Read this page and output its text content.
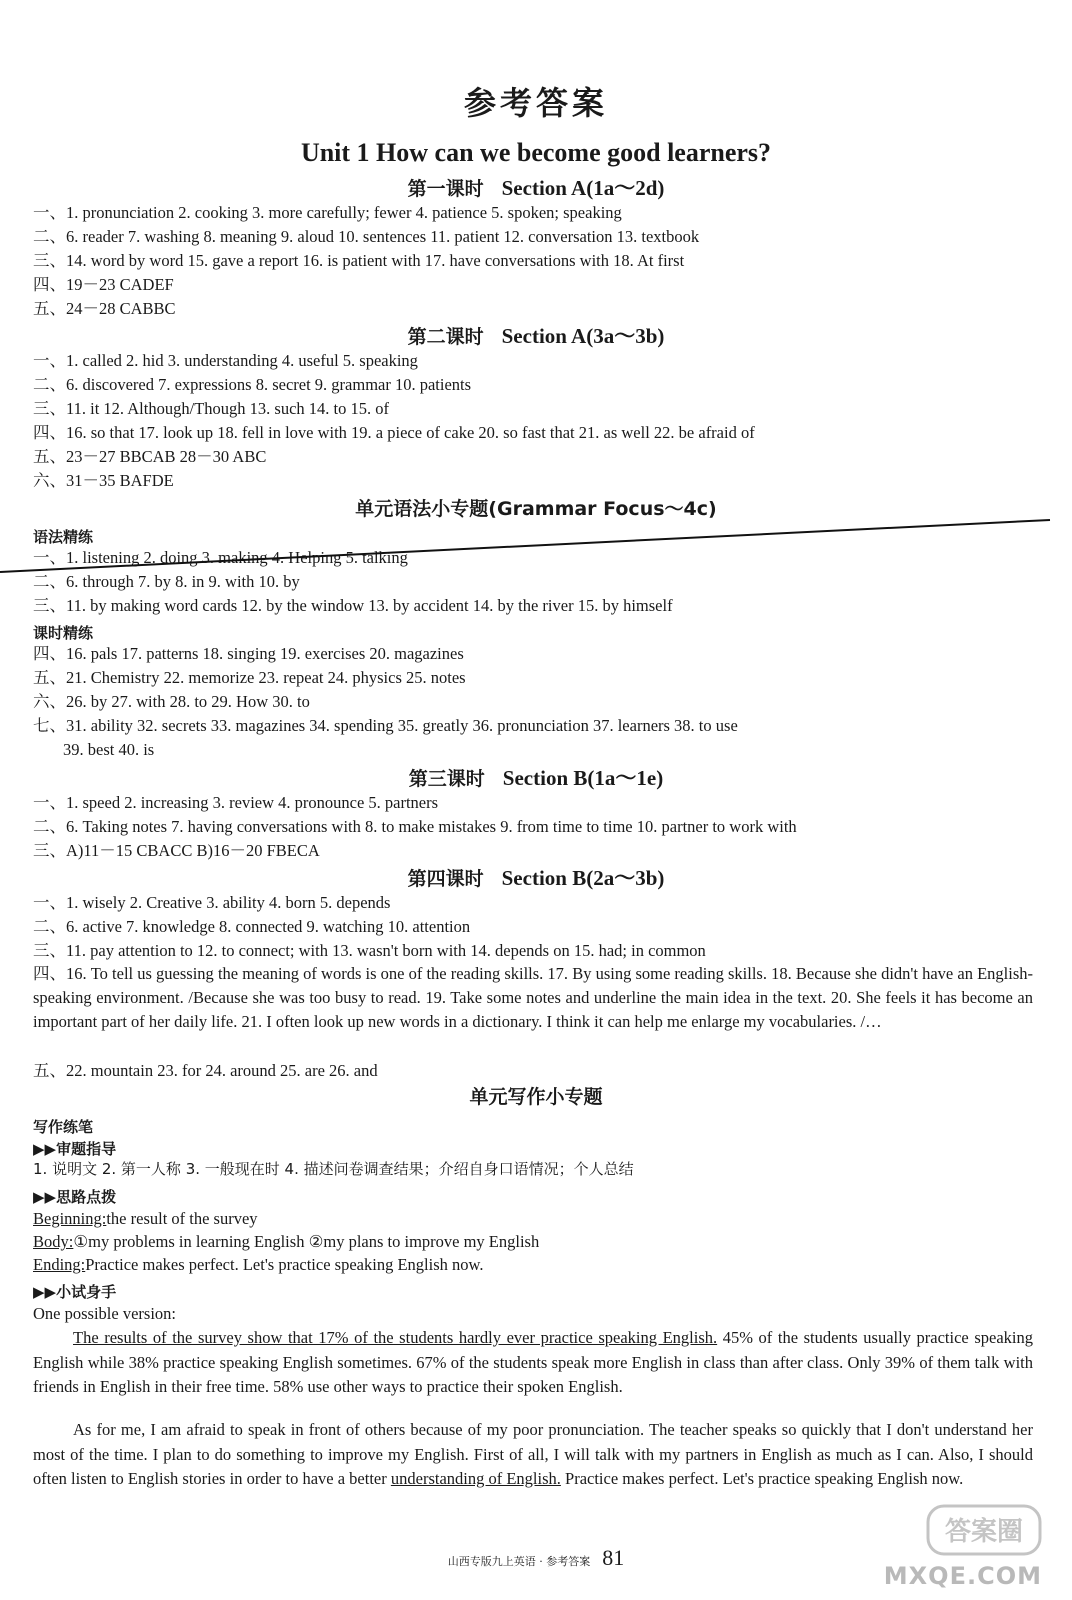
参考答案
Unit 1 How can we become good learners?
第一课时 Section A(1a～2d)
一、1. pronunciation 2. cooking 3. more carefully; fewer 4. patience 5. spoken; speaking
二、6. reader 7. washing 8. meaning 9. aloud 10. sentences 11. patient 12. conversation 13. textbook
三、14. word by word 15. gave a report 16. is patient with 17. have conversations with 18. At first
四、19－23 CADEF
五、24－28 CABBC
第二课时 Section A(3a～3b)
一、1. called 2. hid 3. understanding 4. useful 5. speaking
二、6. discovered 7. expressions 8. secret 9. grammar 10. patients
三、11. it 12. Although/Though 13. such 14. to 15. of
四、16. so that 17. look up 18. fell in love with 19. a piece of cake 20. so fast that 21. as well 22. be afraid of
五、23－27 BBCAB 28－30 ABC
六、31－35 BAFDE
单元语法小专题(Grammar Focus～4c)
语法精练
一、1. listening 2. doing 3. making 4. Helping 5. talking
二、6. through 7. by 8. in 9. with 10. by
三、11. by making word cards 12. by the window 13. by accident 14. by the river 15. by himself
课时精练
四、16. pals 17. patterns 18. singing 19. exercises 20. magazines
五、21. Chemistry 22. memorize 23. repeat 24. physics 25. notes
六、26. by 27. with 28. to 29. How 30. to
七、31. ability 32. secrets 33. magazines 34. spending 35. greatly 36. pronunciation 37. learners 38. to use
39. best 40. is
第三课时 Section B(1a～1e)
一、1. speed 2. increasing 3. review 4. pronounce 5. partners
二、6. Taking notes 7. having conversations with 8. to make mistakes 9. from time to time 10. partner to work with
三、A)11－15 CBACC B)16－20 FBECA
第四课时 Section B(2a～3b)
一、1. wisely 2. Creative 3. ability 4. born 5. depends
二、6. active 7. knowledge 8. connected 9. watching 10. attention
三、11. pay attention to 12. to connect; with 13. wasn't born with 14. depends on 15. had; in common
四、16. To tell us guessing the meaning of words is one of the reading skills. 17. By using some reading skills. 18. Because she didn't have an English-speaking environment. /Because she was too busy to read. 19. Take some notes and underline the main idea in the text. 20. She feels it has become an important part of her daily life. 21. I often look up new words in a dictionary. I think it can help me enlarge my vocabularies. /…
五、22. mountain 23. for 24. around 25. are 26. and
单元写作小专题
写作练笔
▶▶审题指导
1. 说明文 2. 第一人称 3. 一般现在时 4. 描述问卷调查结果；介绍自身口语情况；个人总结
▶▶思路点拨
Beginning:the result of the survey
Body:①my problems in learning English ②my plans to improve my English
Ending:Practice makes perfect. Let's practice speaking English now.
▶▶小试身手
One possible version:
The results of the survey show that 17% of the students hardly ever practice speaking English. 45% of the students usually practice speaking English while 38% practice speaking English sometimes. 67% of the students speak more English in class than after class. Only 39% of them talk with friends in English in their free time. 58% use other ways to practice their spoken English.
As for me, I am afraid to speak in front of others because of my poor pronunciation. The teacher speaks so quickly that I don't understand her most of the time. I plan to do something to improve my English. First of all, I will talk with my partners in English as much as I can. Also, I should often listen to English stories in order to have a better understanding of English. Practice makes perfect. Let's practice speaking English now.
山西专版九上英语 · 参考答案 81
答案圈
MXQE.COM
